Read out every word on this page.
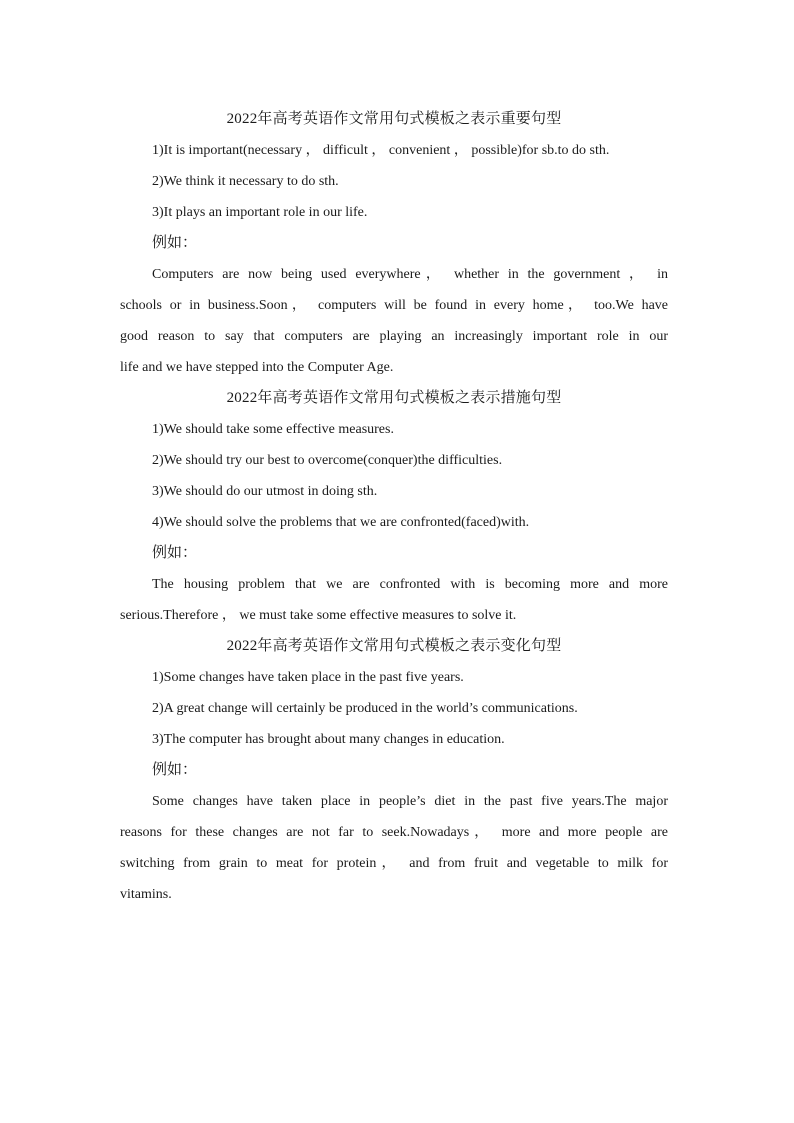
2022年高考英语作文常用句式模板之表示重要句型
1)It is important(necessary ， difficult ， convenient ， possible)for sb.to do sth.
2)We think it necessary to do sth.
3)It plays an important role in our life.
例如：
Computers are now being used everywhere， whether in the government ， in
schools or in business.Soon， computers will be found in every home， too.We have
good reason to say that computers are playing an increasingly important role in our
life and we have stepped into the Computer Age.
2022年高考英语作文常用句式模板之表示措施句型
1)We should take some effective measures.
2)We should try our best to overcome(conquer)the difficulties.
3)We should do our utmost in doing sth.
4)We should solve the problems that we are confronted(faced)with.
例如：
The housing problem that we are confronted with is becoming more and more
serious.Therefore ， we must take some effective measures to solve it.
2022年高考英语作文常用句式模板之表示变化句型
1)Some changes have taken place in the past five years.
2)A great change will certainly be produced in the world’s communications.
3)The computer has brought about many changes in education.
例如：
Some changes have taken place in people’s diet in the past five years.The major
reasons for these changes are not far to seek.Nowadays， more and more people are
switching from grain to meat for protein， and from fruit and vegetable to milk for
vitamins.
